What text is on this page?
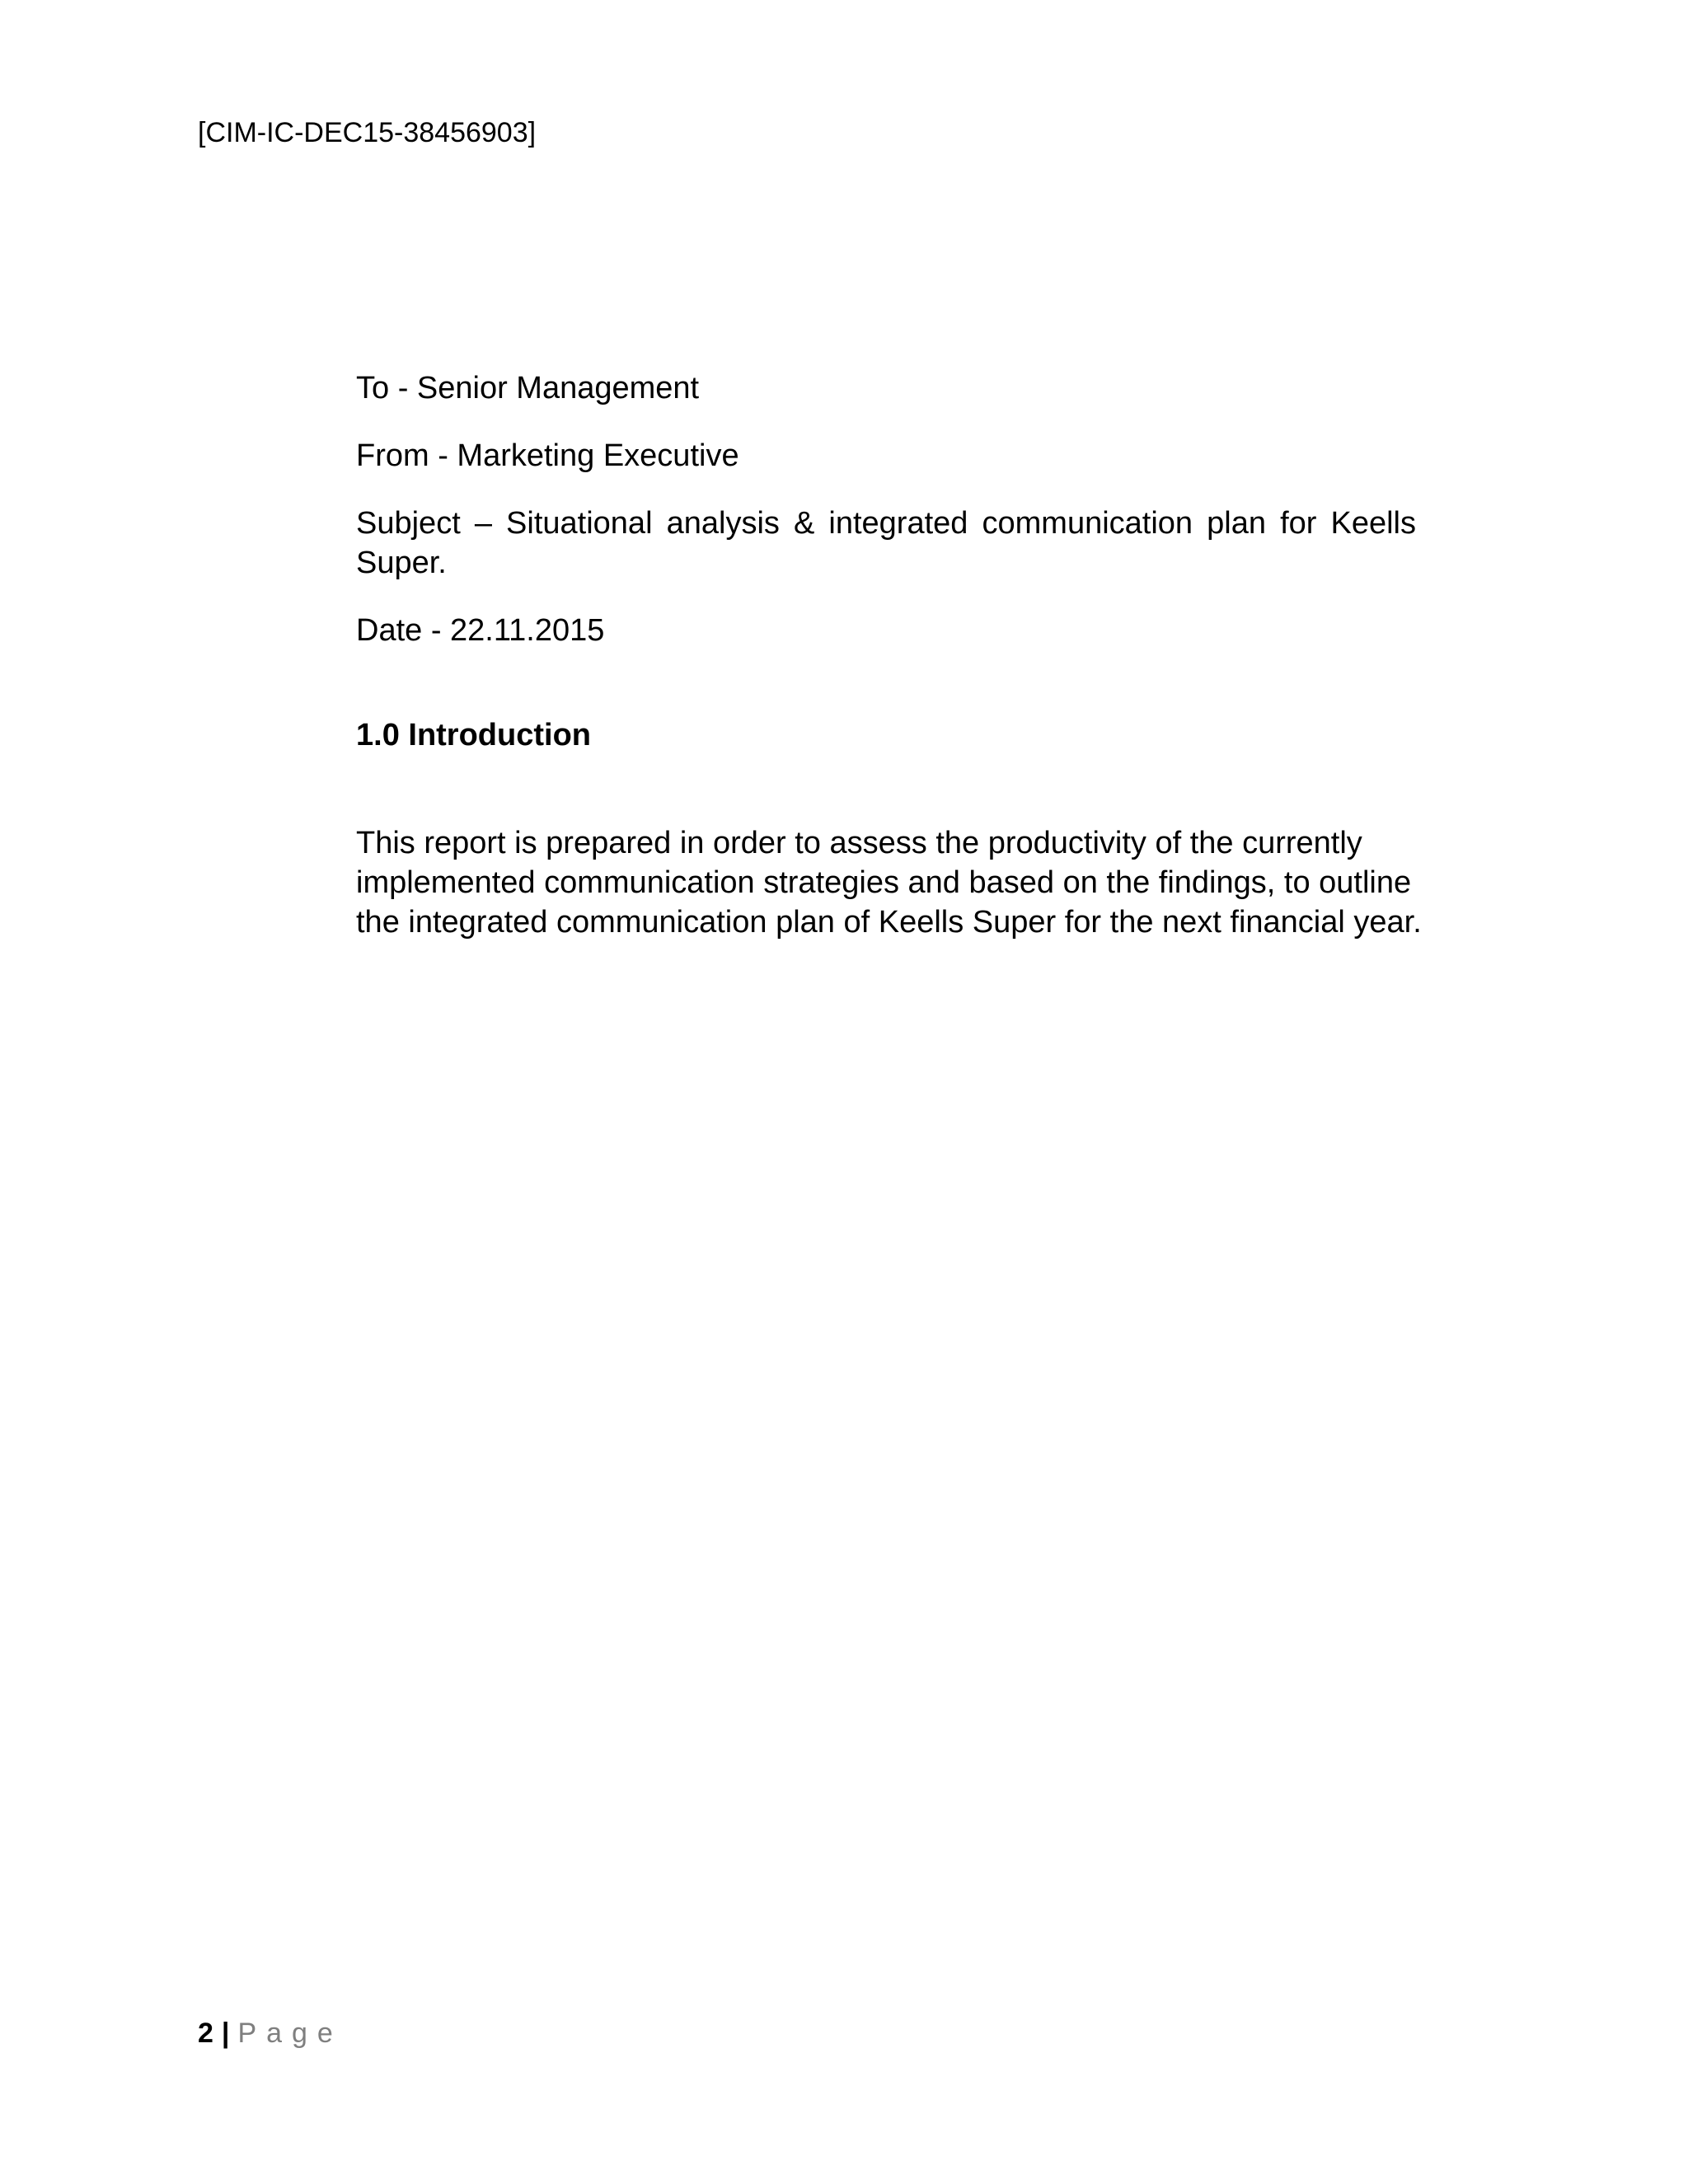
[CIM-IC-DEC15-38456903]
To - Senior Management
From - Marketing Executive
Subject – Situational analysis & integrated communication plan for Keells Super.
Date - 22.11.2015
1.0 Introduction
This report is prepared in order to assess the productivity of the currently
implemented communication strategies and based on the findings, to outline
the integrated communication plan of Keells Super for the next financial year.
2 | Page
